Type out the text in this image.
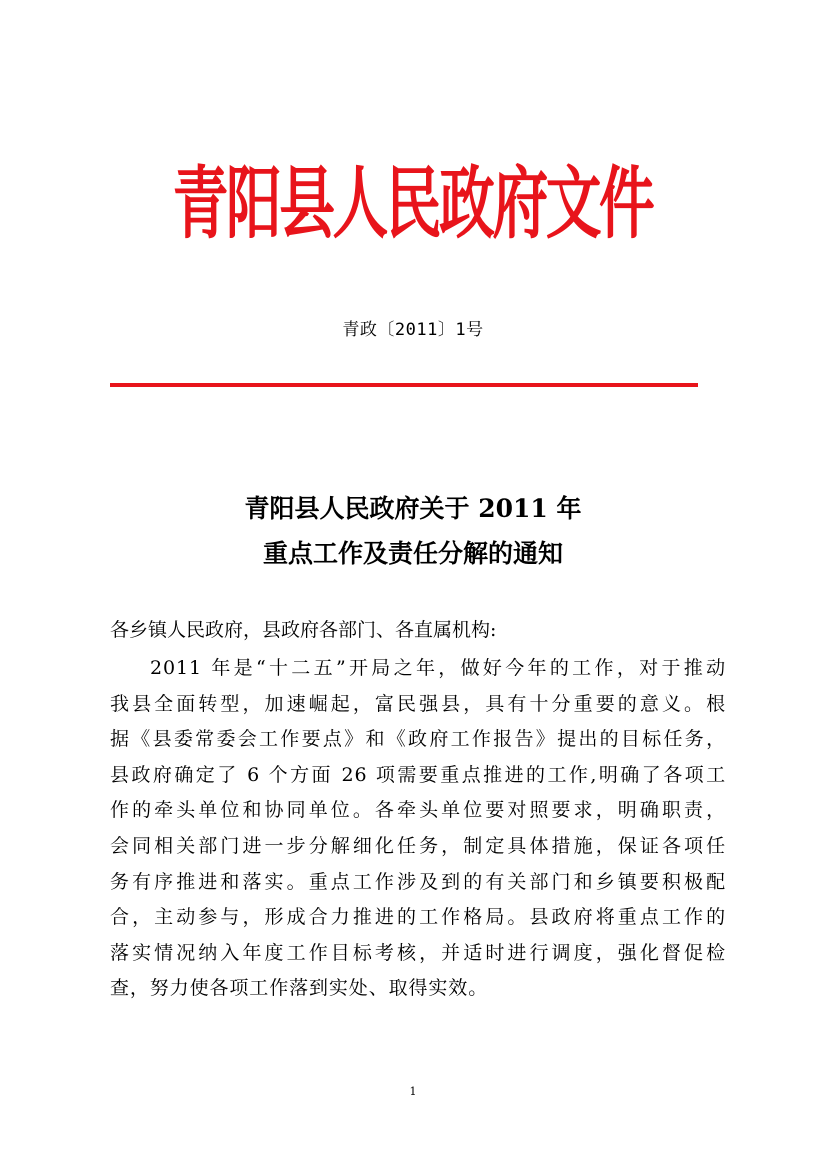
青阳县人民政府文件
青政〔2011〕1号
青阳县人民政府关于 2011 年
重点工作及责任分解的通知
各乡镇人民政府，县政府各部门、各直属机构:
2011 年是“十二五”开局之年，做好今年的工作，对于推动
我县全面转型，加速崛起，富民强县，具有十分重要的意义。根
据《县委常委会工作要点》和《政府工作报告》提出的目标任务，
县政府确定了 6 个方面 26 项需要重点推进的工作,明确了各项工
作的牵头单位和协同单位。各牵头单位要对照要求，明确职责，
会同相关部门进一步分解细化任务，制定具体措施，保证各项任
务有序推进和落实。重点工作涉及到的有关部门和乡镇要积极配
合，主动参与，形成合力推进的工作格局。县政府将重点工作的
落实情况纳入年度工作目标考核，并适时进行调度，强化督促检
查，努力使各项工作落到实处、取得实效。
1
